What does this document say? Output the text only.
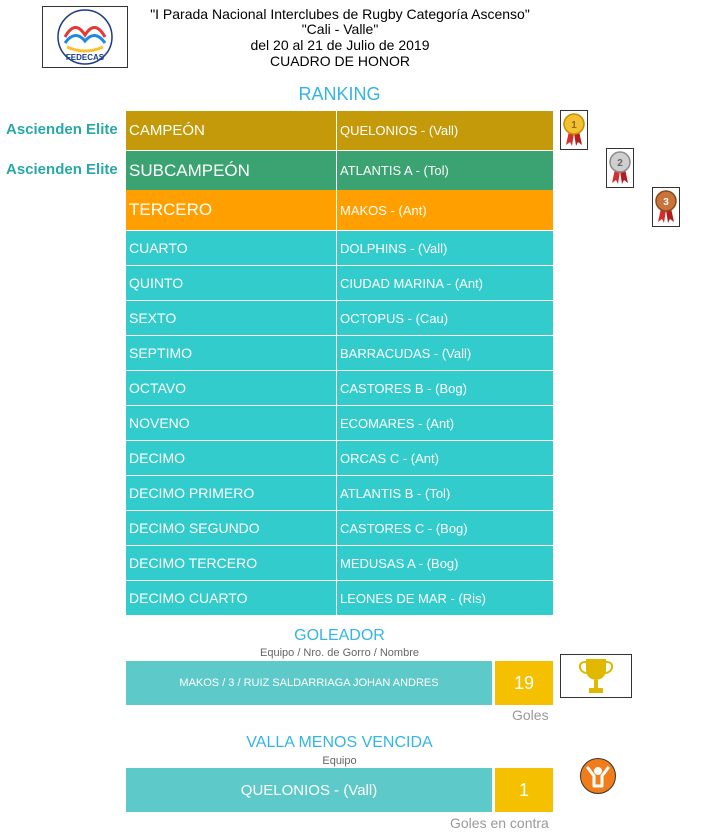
FEDECAS
"I Parada Nacional Interclubes de Rugby Categoría Ascenso"
"Cali - Valle"
del 20 al 21 de Julio de 2019
CUADRO DE HONOR
RANKING
Ascienden Elite
Ascienden Elite
CAMPEÓN	QUELONIOS - (Vall)
SUBCAMPEÓN	ATLANTIS A - (Tol)
TERCERO	MAKOS - (Ant)
CUARTO	DOLPHINS - (Vall)
QUINTO	CIUDAD MARINA - (Ant)
SEXTO	OCTOPUS - (Cau)
SEPTIMO	BARRACUDAS - (Vall)
OCTAVO	CASTORES B - (Bog)
NOVENO	ECOMARES - (Ant)
DECIMO	ORCAS C - (Ant)
DECIMO PRIMERO	ATLANTIS B - (Tol)
DECIMO SEGUNDO	CASTORES C - (Bog)
DECIMO TERCERO	MEDUSAS A - (Bog)
DECIMO CUARTO	LEONES DE MAR - (Ris)
1
2
3
GOLEADOR
Equipo / Nro. de Gorro / Nombre
MAKOS / 3 / RUIZ SALDARRIAGA JOHAN ANDRES	19
Goles
VALLA MENOS VENCIDA
Equipo
QUELONIOS - (Vall)	1
Goles en contra
